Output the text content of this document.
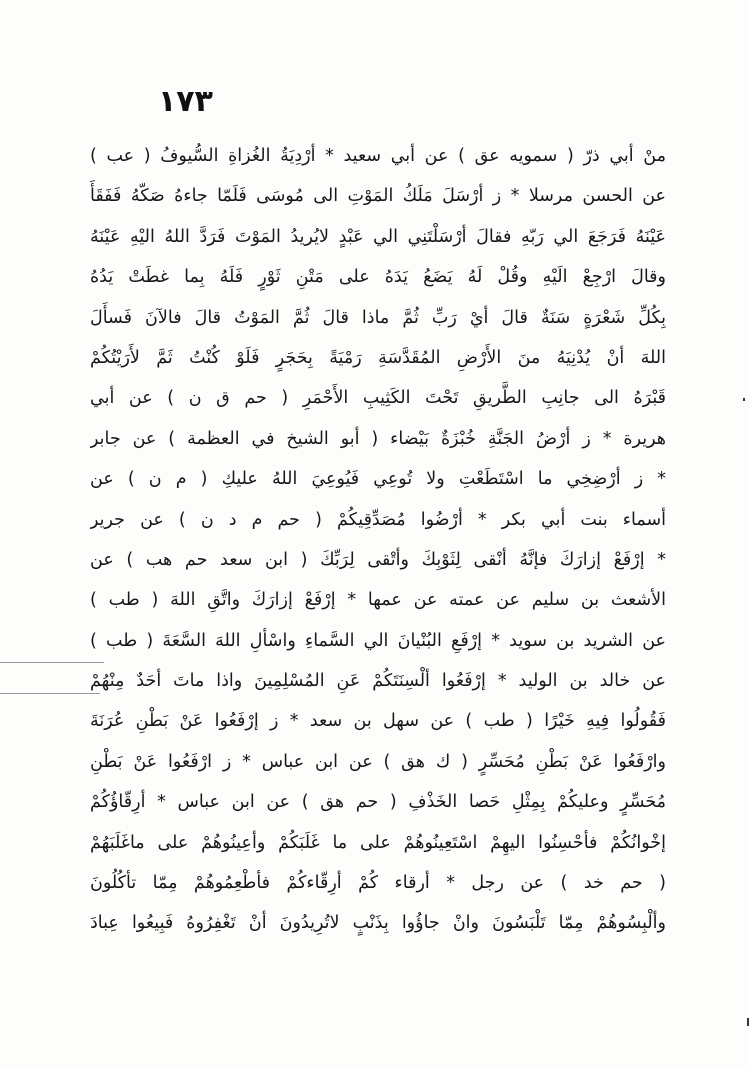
١٧٣
منْ أبي ذرّ ( سمويه عق ) عن أبي سعيد * أرْدِيَةُ الغُزاةِ السُّيوفُ ( عب )
عن الحسن مرسلا * ز أرْسَلَ مَلَكُ المَوْتِ الى مُوسَى فَلَمّا جاءهُ صَكّهُ فَفَقَأَ
عَيْنَهُ فَرَجَعَ الي رَبّهِ فقالَ أرْسَلْتَنِي الي عَبْدٍ لايُريدُ المَوْتَ فَرَدَّ اللهُ اليْهِ عَيْنَهُ
وقالَ ارْجِعْ الَيْهِ وقُلْ لَهُ يَضَعُ يَدَهُ على مَتْنِ ثَوْرٍ فَلَهُ بِما غطَتْ يَدُهُ
بِكُلِّ شَعْرَةٍ سَنَةٌ قالَ أيْ رَبِّ ثُمَّ ماذا قالَ ثُمَّ المَوْتُ قالَ فالآنَ فَسأَلَ
اللهَ أنْ يُدْنِيَهُ منَ الأَرْضِ المُقَدَّسَةِ رَمْيَةً بِحَجَرٍ فَلَوْ كُنْتُ ثَمَّ لأَرَيْتُكُمْ
قَبْرَهُ الى جانِبِ الطَّريقِ تَحْتَ الكَثِيبِ الأَحْمَرِ ( حم ق ن ) عن أبي
هريرة * ز أرْضُ الجَنَّةِ خُبْزَةٌ بَيْضاء ( أبو الشيخ في العظمة ) عن جابر
* ز أرْضِخِي ما اسْتَطَعْتِ ولا تُوعِي فَيُوعِيَ اللهُ عليكِ ( م ن ) عن
أسماء بنت أبي بكر * أرْضُوا مُصَدِّقِيكُمْ ( حم م د ن ) عن جرير
* إرْفَعْ إزارَكَ فإنَّهُ أنْقى لِثَوْبِكَ وأتْقى لِرَبِّكَ ( ابن سعد حم هب ) عن
الأشعث بن سليم عن عمته عن عمها * إرْفَعْ إزارَكَ واتَّقِ اللهَ ( طب )
عن الشريد بن سويد * إرْفَعِ البُنْيانَ الي السَّماءِ واسْألِ اللهَ السَّعَةَ ( طب )
عن خالد بن الوليد * إرْفَعُوا ألْسِنَتَكُمْ عَنِ المُسْلِمِينَ واذا ماتَ أحَدٌ مِنْهُمْ
فَقُولُوا فِيهِ خَيْرًا ( طب ) عن سهل بن سعد * ز إرْفَعُوا عَنْ بَطْنِ عُرَنَةَ
وارْفَعُوا عَنْ بَطْنِ مُحَسِّرٍ ( ك هق ) عن ابن عباس * ز ارْفَعُوا عَنْ بَطْنِ
مُحَسِّرٍ وعليكُمْ بِمِثْلِ حَصا الخَذْفِ ( حم هق ) عن ابن عباس * أرِقّاؤُكُمْ
إخْوانُكُمْ فأحْسِنُوا اليهِمْ اسْتَعِينُوهُمْ على ما غَلَبَكُمْ وأعِينُوهُمْ على ماغَلَبَهُمْ
( حم خد ) عن رجل * أرقاء كُمْ أرِقّاءكُمْ فأطْعِمُوهُمْ مِمّا تأكُلُونَ
وألْبِسُوهُمْ مِمّا تَلْبَسُونَ وانْ جاؤُوا بِذَنْبٍ لاتُرِيدُونَ أنْ تَغْفِرُوهُ فَبِيعُوا عِبادَ
